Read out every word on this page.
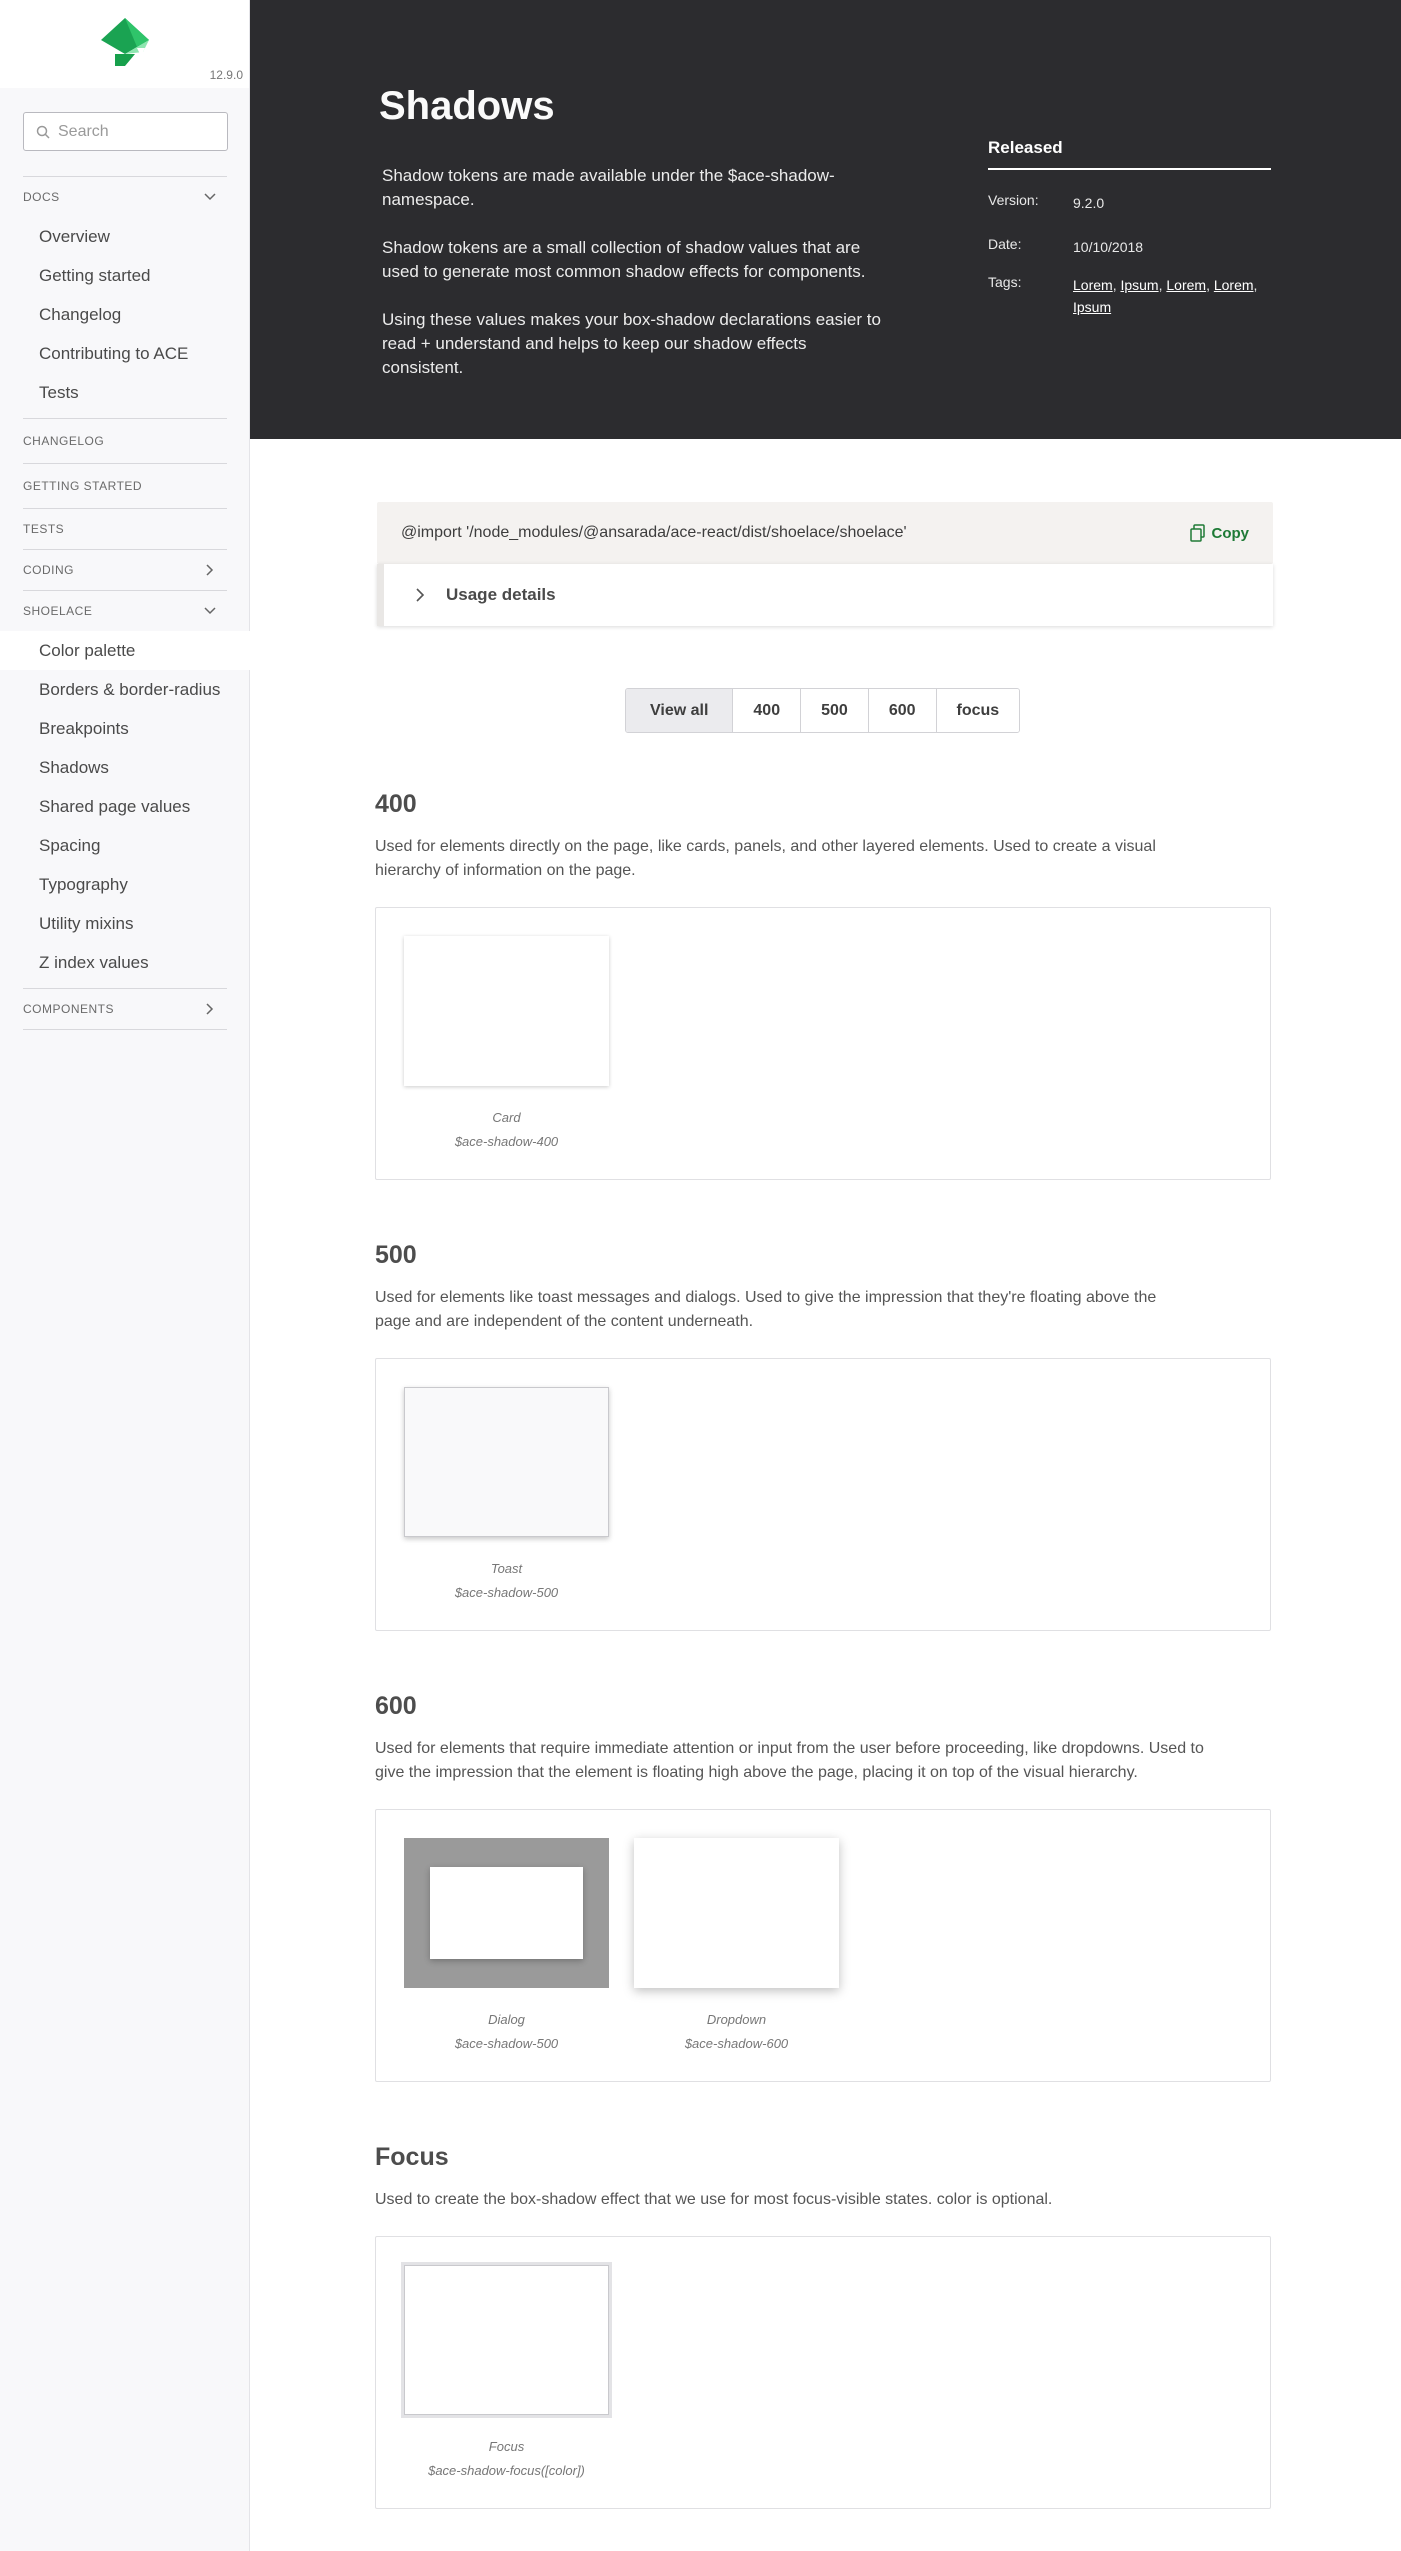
12.9.0
Search
DOCS
Overview
Getting started
Changelog
Contributing to ACE
Tests
CHANGELOG
GETTING STARTED
TESTS
CODING
SHOELACE
Color palette
Borders & border-radius
Breakpoints
Shadows
Shared page values
Spacing
Typography
Utility mixins
Z index values
COMPONENTS
Shadows

Shadow tokens are made available under the $ace-shadow- namespace.

Shadow tokens are a small collection of shadow values that are used to generate most common shadow effects for components.

Using these values makes your box-shadow declarations easier to read + understand and helps to keep our shadow effects consistent.

Released
Version:	9.2.0
Date:	10/10/2018
Tags:	Lorem, Ipsum, Lorem, Lorem, Ipsum
@import '/node_modules/@ansarada/ace-react/dist/shoelace/shoelace'	Copy
Usage details
View all	400	500	600	focus
400

Used for elements directly on the page, like cards, panels, and other layered elements. Used to create a visual hierarchy of information on the page.

Card
$ace-shadow-400
500

Used for elements like toast messages and dialogs. Used to give the impression that they're floating above the page and are independent of the content underneath.

Toast
$ace-shadow-500
600

Used for elements that require immediate attention or input from the user before proceeding, like dropdowns. Used to give the impression that the element is floating high above the page, placing it on top of the visual hierarchy.

Dialog
$ace-shadow-500
Dropdown
$ace-shadow-600
Focus

Used to create the box-shadow effect that we use for most focus-visible states. color is optional.

Focus
$ace-shadow-focus([color])
